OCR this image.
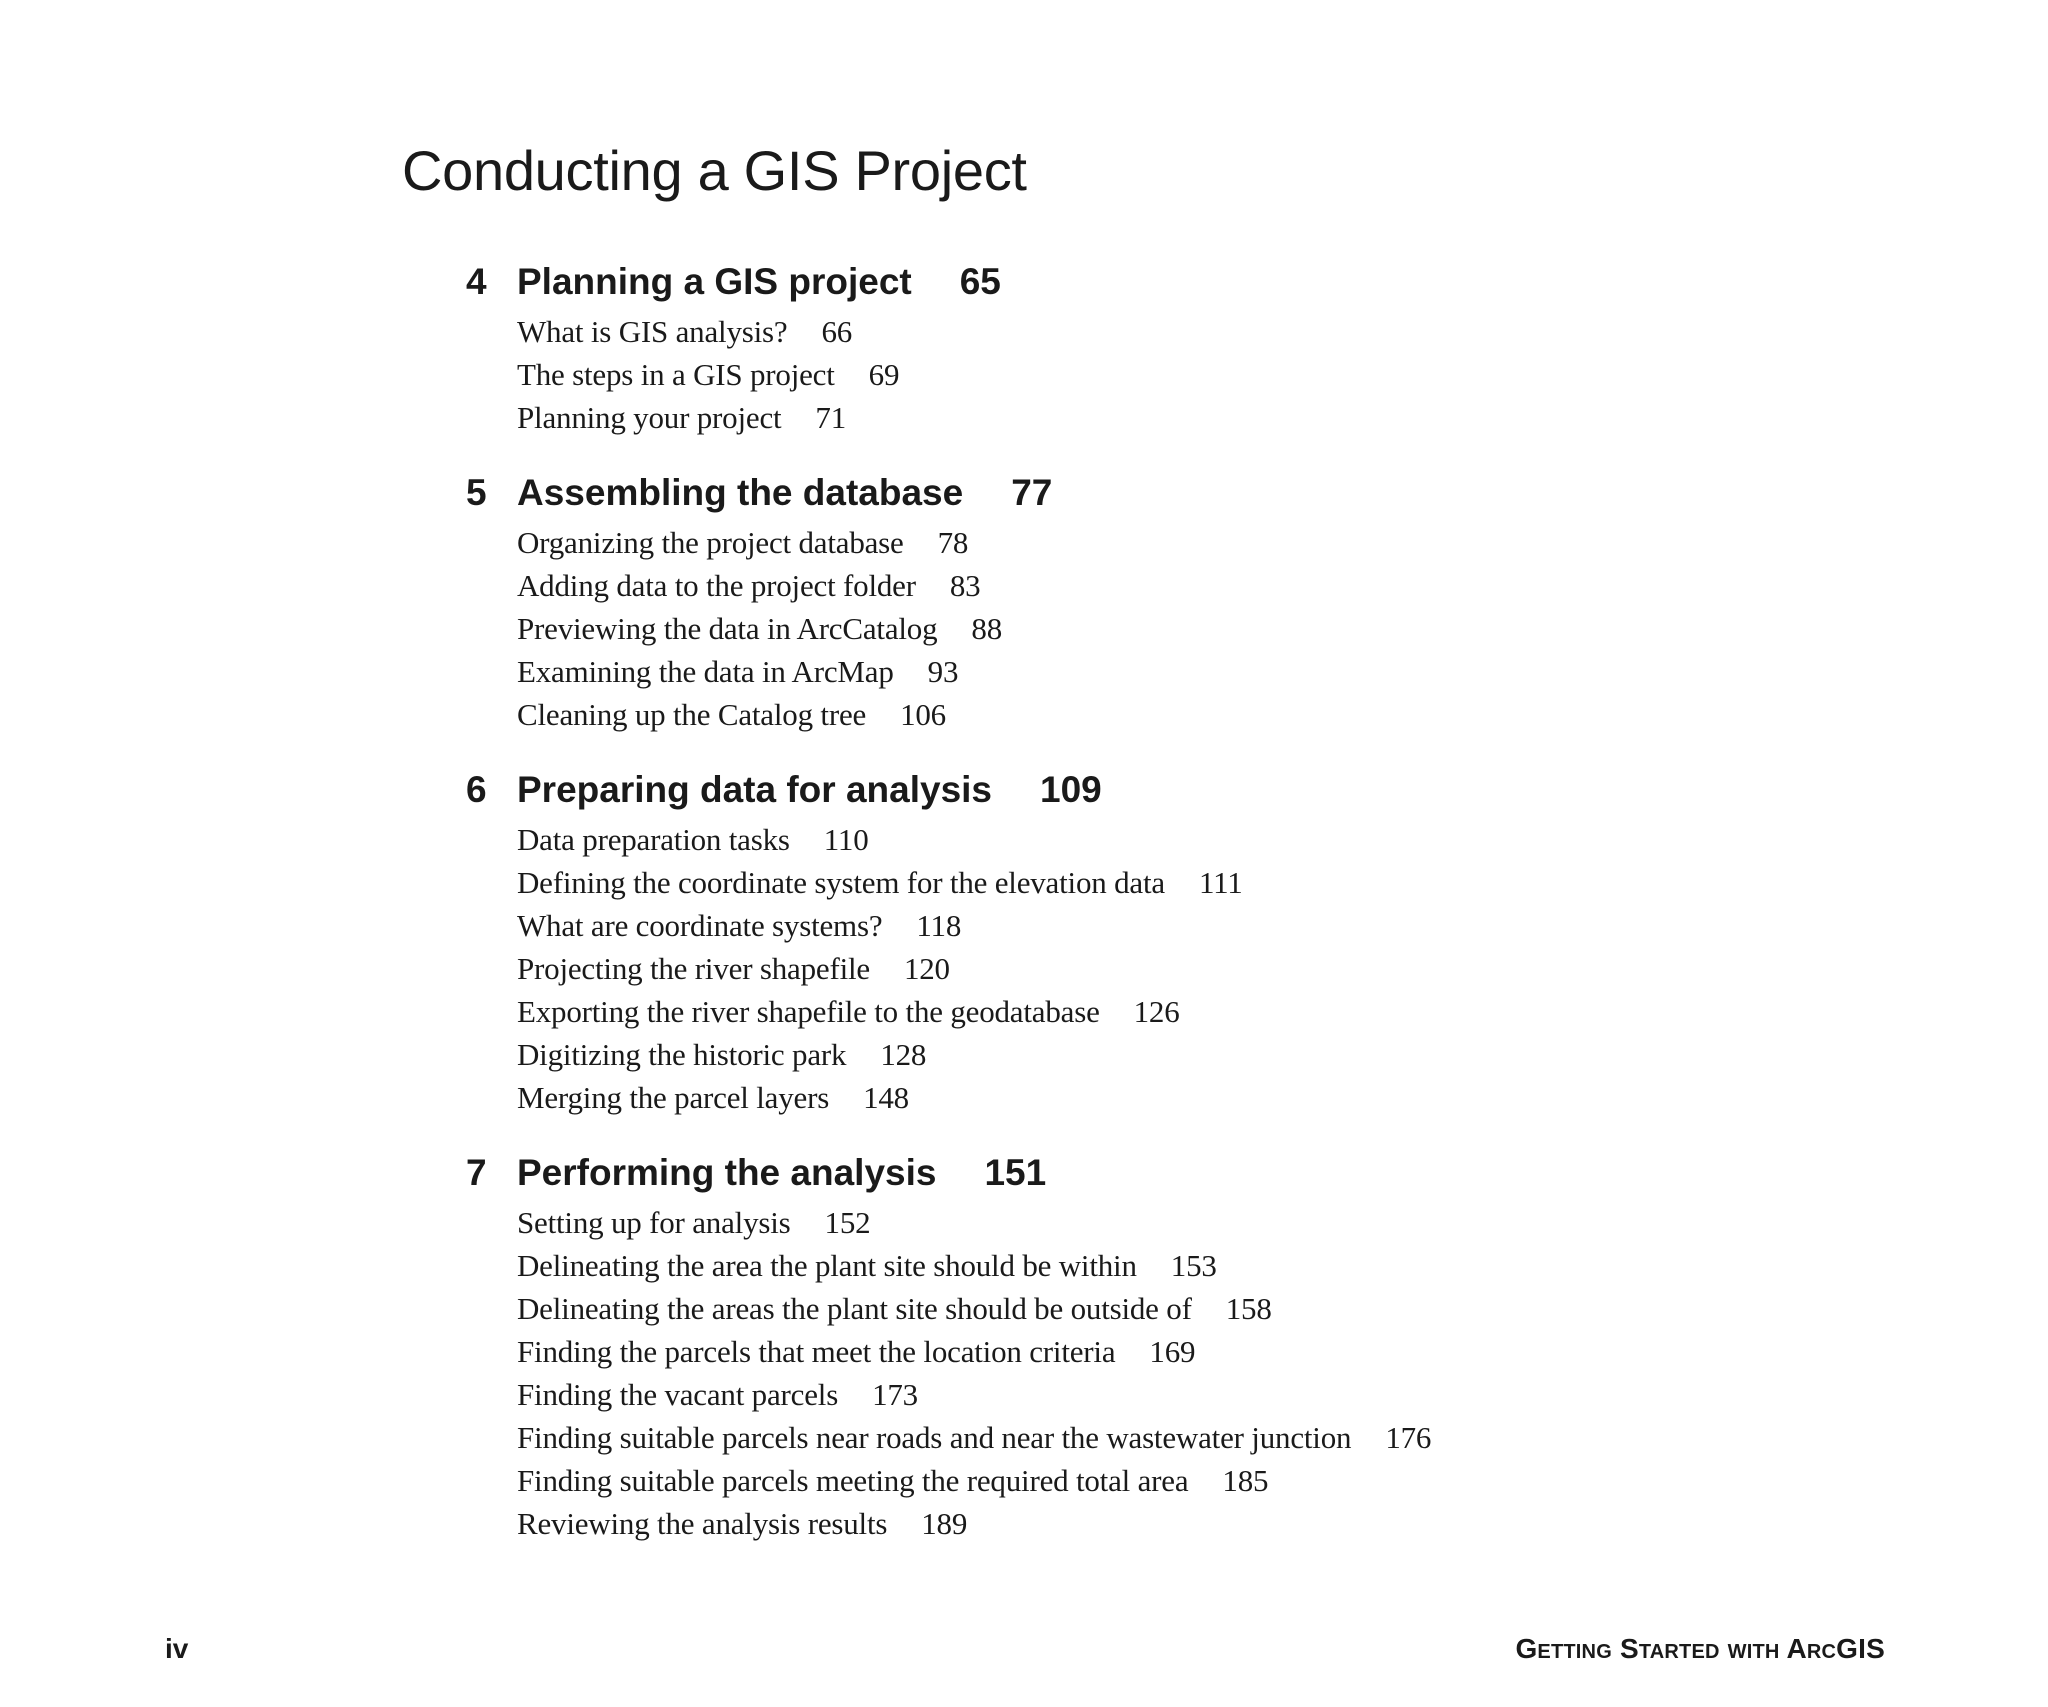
Conducting a GIS Project
4 Planning a GIS project 65
What is GIS analysis? 66
The steps in a GIS project 69
Planning your project 71
5 Assembling the database 77
Organizing the project database 78
Adding data to the project folder 83
Previewing the data in ArcCatalog 88
Examining the data in ArcMap 93
Cleaning up the Catalog tree 106
6 Preparing data for analysis 109
Data preparation tasks 110
Defining the coordinate system for the elevation data 111
What are coordinate systems? 118
Projecting the river shapefile 120
Exporting the river shapefile to the geodatabase 126
Digitizing the historic park 128
Merging the parcel layers 148
7 Performing the analysis 151
Setting up for analysis 152
Delineating the area the plant site should be within 153
Delineating the areas the plant site should be outside of 158
Finding the parcels that meet the location criteria 169
Finding the vacant parcels 173
Finding suitable parcels near roads and near the wastewater junction 176
Finding suitable parcels meeting the required total area 185
Reviewing the analysis results 189
iv	Getting Started with ArcGIS
